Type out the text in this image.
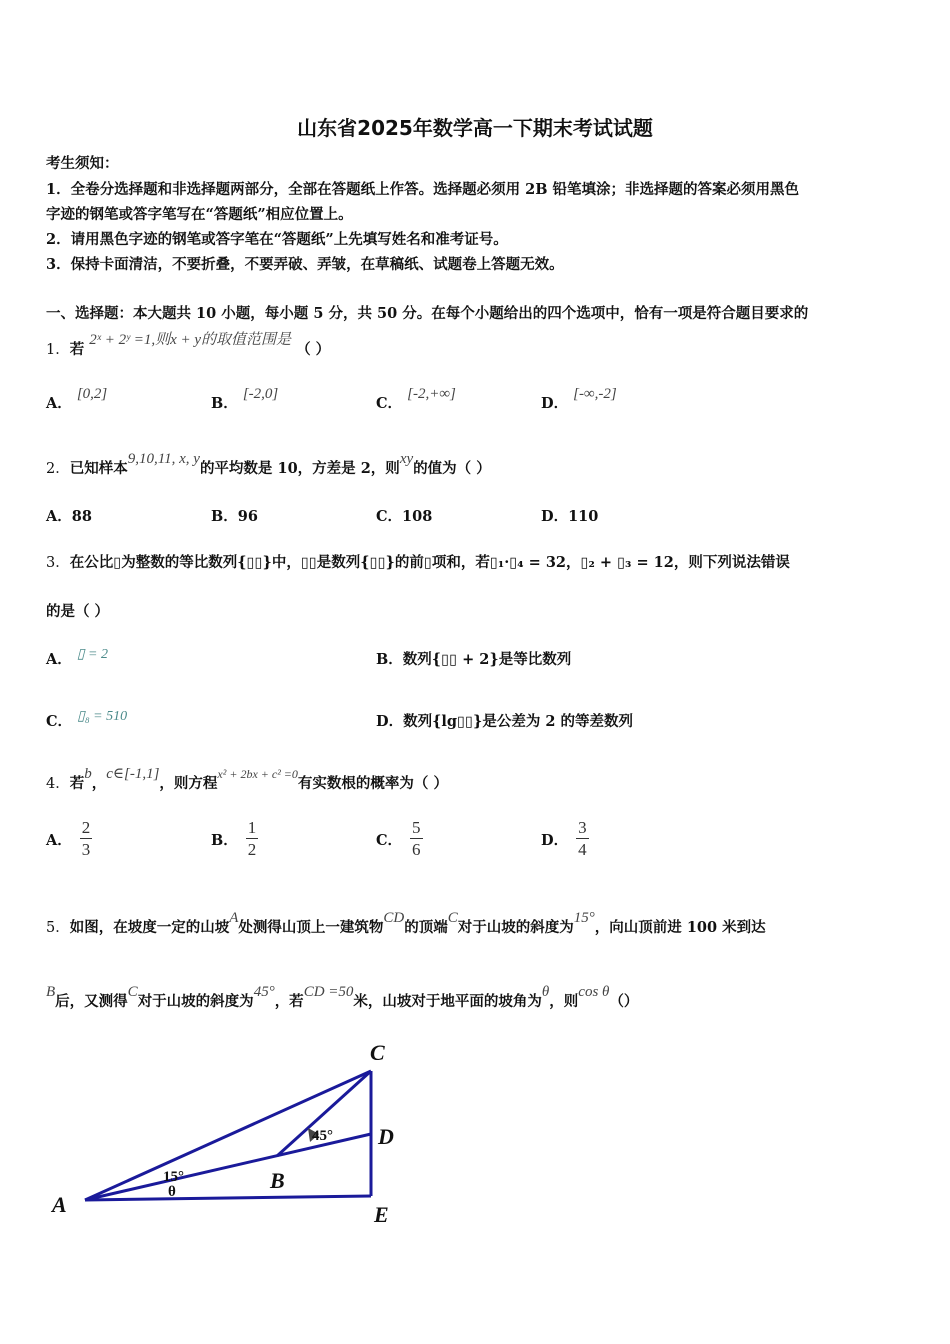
山东省2025年数学高一下期末考试试题
考生须知：
1．全卷分选择题和非选择题两部分，全部在答题纸上作答。选择题必须用 2B 铅笔填涂；非选择题的答案必须用黑色
字迹的钢笔或答字笔写在“答题纸”相应位置上。
2．请用黑色字迹的钢笔或答字笔在“答题纸”上先填写姓名和准考证号。
3．保持卡面清洁，不要折叠，不要弄破、弄皱，在草稿纸、试题卷上答题无效。
一、选择题：本大题共 10 小题，每小题 5 分，共 50 分。在每个小题给出的四个选项中，恰有一项是符合题目要求的
1．若 2ˣ + 2ʸ =1,则x + y的取值范围是 （ ）
A． [0,2]
B． [-2,0]
C． [-2,+∞]
D． [-∞,-2]
2．已知样本9,10,11, x, y的平均数是 10，方差是 2，则xy的值为（ ）
A．88	B．96	C．108	D．110
3．在公比▯为整数的等比数列{▯▯}中，▯▯是数列{▯▯}的前▯项和，若▯₁·▯₄ = 32，▯₂ + ▯₃ = 12，则下列说法错误
的是（ ）
A． ▯ = 2	B．数列{▯▯ + 2}是等比数列
C． ▯₈ = 510	D．数列{lg▯▯}是公差为 2 的等差数列
4．若b，c∈[-1,1]，则方程$^{x^2 + 2bx + c^2 =0}$有实数根的概率为（ ）
A． $\frac{2}{3}$	B． $\frac{1}{2}$	C． $\frac{5}{6}$	D． $\frac{3}{4}$
5．如图，在坡度一定的山坡A处测得山顶上一建筑物CD的顶端C对于山坡的斜度为15°，向山顶前进 100 米到达
B后，又测得C对于山坡的斜度为45°，若CD =50米，山坡对于地平面的坡角为θ，则cos θ（）
C
D
E
A
B
15°
45°
θ
